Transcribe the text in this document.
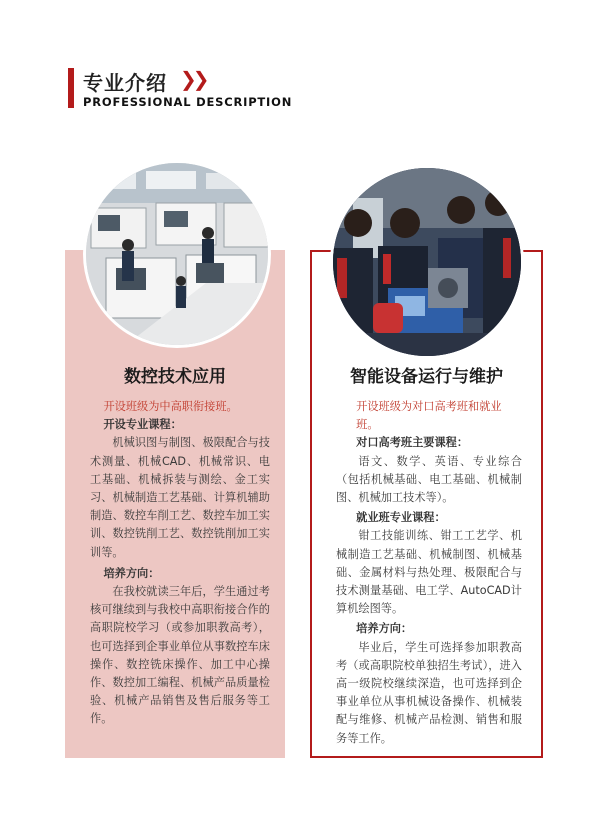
专业介绍 ❯❯
PROFESSIONAL DESCRIPTION
数控技术应用	智能设备运行与维护
开设班级为中高职衔接班。
开设专业课程：
机械识图与制图、极限配合与技术测量、机械CAD、机械常识、电工基础、机械拆装与测绘、金工实习、机械制造工艺基础、计算机辅助制造、数控车削工艺、数控车加工实训、数控铣削工艺、数控铣削加工实训等。
培养方向：
在我校就读三年后，学生通过考核可继续到与我校中高职衔接合作的高职院校学习（或参加职教高考），也可选择到企事业单位从事数控车床操作、数控铣床操作、加工中心操作、数控加工编程、机械产品质量检验、机械产品销售及售后服务等工作。
开设班级为对口高考班和就业班。
对口高考班主要课程：
语文、数学、英语、专业综合（包括机械基础、电工基础、机械制图、机械加工技术等）。
就业班专业课程：
钳工技能训练、钳工工艺学、机械制造工艺基础、机械制图、机械基础、金属材料与热处理、极限配合与技术测量基础、电工学、AutoCAD计算机绘图等。
培养方向：
毕业后，学生可选择参加职教高考（或高职院校单独招生考试），进入高一级院校继续深造，也可选择到企事业单位从事机械设备操作、机械装配与维修、机械产品检测、销售和服务等工作。
